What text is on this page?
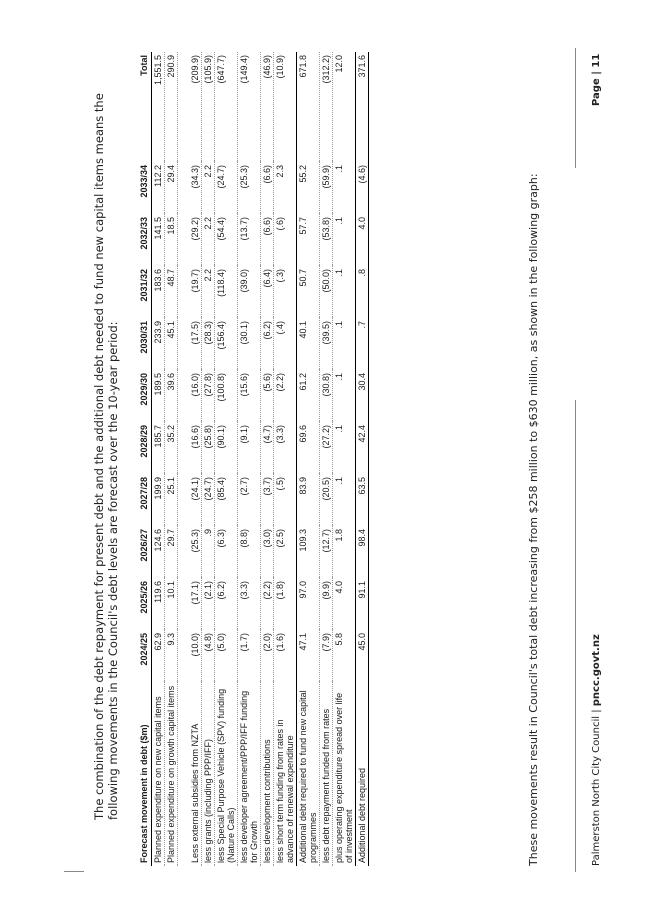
The combination of the debt repayment for present debt and the additional debt needed to fund new capital items means the following movements in the Council's debt levels are forecast over the 10-year period: Forecast movement in debt ($m)	2024/25	2025/26	2026/27	2027/28	2028/29	2029/30	2030/31	2031/32	2032/33	2033/34	Total
Planned expenditure on new capital items	62.9	119.6	124.6	199.9	185.7	189.5	233.9	183.6	141.5	112.2	1,551.5
Planned expenditure on growth capital items	9.3	10.1	29.7	25.1	35.2	39.6	45.1	48.7	18.5	29.4	290.9
Less external subsidies from NZTA	(10.0)	(17.1)	(25.3)	(24.1)	(16.6)	(16.0)	(17.5)	(19.7)	(29.2)	(34.3)	(209.9)
less grants (including PPP/IFF)	(4.8)	(2.1)	.9	(24.7)	(25.8)	(27.8)	(28.3)	2.2	2.2	2.2	(105.9)
less Special Purpose Vehicle (SPV) funding (Nature Calls)	(5.0)	(6.2)	(6.3)	(85.4)	(90.1)	(100.8)	(156.4)	(118.4)	(54.4)	(24.7)	(647.7)
less developer agreement/PPP/IFF funding for Growth	(1.7)	(3.3)	(8.8)	(2.7)	(9.1)	(15.6)	(30.1)	(39.0)	(13.7)	(25.3)	(149.4)
less development contributions	(2.0)	(2.2)	(3.0)	(3.7)	(4.7)	(5.6)	(6.2)	(6.4)	(6.6)	(6.6)	(46.9)
less short term funding from rates in advance of renewal expenditure	(1.6)	(1.8)	(2.5)	(.5)	(3.3)	(2.2)	(.4)	(.3)	(.6)	2.3	(10.9)
Additional debt required to fund new capital programmes	47.1	97.0	109.3	83.9	69.6	61.2	40.1	50.7	57.7	55.2	671.8
less debt repayment funded from rates	(7.9)	(9.9)	(12.7)	(20.5)	(27.2)	(30.8)	(39.5)	(50.0)	(53.8)	(59.9)	(312.2)
plus operating expenditure spread over life of investment	5.8	4.0	1.8	.1	.1	.1	.1	.1	.1	.1	12.0
Additional debt required	45.0	91.1	98.4	63.5	42.4	30.4	.7	.8	4.0	(4.6)	371.6

These movements result in Council's total debt increasing from $258 million to $630 million, as shown in the following graph:	Palmerston North City Council | pncc.govt.nz
Page | 11
